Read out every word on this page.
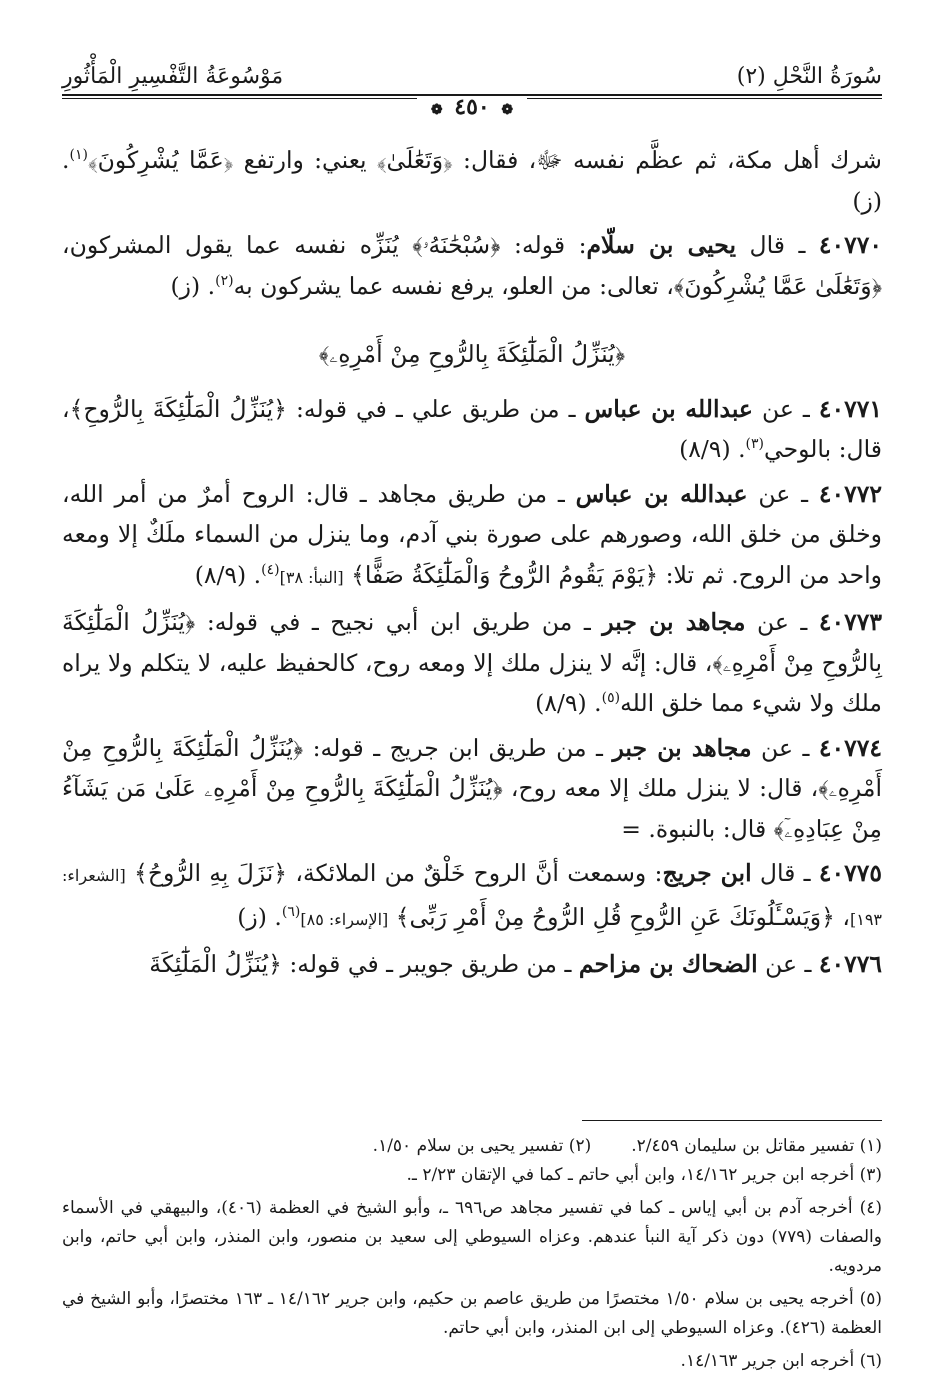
سُورَةُ النَّحْلِ (٢)
مَوْسُوعَةُ التَّفْسِيرِ الْمَأْثُورِ
❁ ٤٥٠ ❁

شرك أهل مكة، ثم عظَّم نفسه ﷻ، فقال: ﴿وَتَعَٰلَىٰ﴾ يعني: وارتفع ﴿عَمَّا يُشْرِكُونَ﴾$^{(١)}$. (ز)

٤٠٧٧٠ ـ قال يحيى بن سلّام: قوله: ﴿سُبْحَٰنَهُۥ﴾ يُنَزِّه نفسه عما يقول المشركون، ﴿وَتَعَٰلَىٰ عَمَّا يُشْرِكُونَ﴾، تعالى: من العلو، يرفع نفسه عما يشركون به$^{(٢)}$. (ز)

﴿يُنَزِّلُ الْمَلَٰٓئِكَةَ بِالرُّوحِ مِنْ أَمْرِهِۦ﴾

٤٠٧٧١ ـ عن عبدالله بن عباس ـ من طريق علي ـ في قوله: ﴿يُنَزِّلُ الْمَلَٰٓئِكَةَ بِالرُّوحِ﴾، قال: بالوحي$^{(٣)}$. (٨/٩)

٤٠٧٧٢ ـ عن عبدالله بن عباس ـ من طريق مجاهد ـ قال: الروح أمرٌ من أمر الله، وخلق من خلق الله، وصورهم على صورة بني آدم، وما ينزل من السماء ملَكٌ إلا ومعه واحد من الروح. ثم تلا: ﴿يَوْمَ يَقُومُ الرُّوحُ وَالْمَلَٰٓئِكَةُ صَفًّا﴾ [النبأ: ٣٨]$^{(٤)}$. (٨/٩)

٤٠٧٧٣ ـ عن مجاهد بن جبر ـ من طريق ابن أبي نجيح ـ في قوله: ﴿يُنَزِّلُ الْمَلَٰٓئِكَةَ بِالرُّوحِ مِنْ أَمْرِهِۦ﴾، قال: إنَّه لا ينزل ملك إلا ومعه روح، كالحفيظ عليه، لا يتكلم ولا يراه ملك ولا شيء مما خلق الله$^{(٥)}$. (٨/٩)

٤٠٧٧٤ ـ عن مجاهد بن جبر ـ من طريق ابن جريج ـ قوله: ﴿يُنَزِّلُ الْمَلَٰٓئِكَةَ بِالرُّوحِ مِنْ أَمْرِهِۦ﴾، قال: لا ينزل ملك إلا معه روح، ﴿يُنَزِّلُ الْمَلَٰٓئِكَةَ بِالرُّوحِ مِنْ أَمْرِهِۦ عَلَىٰ مَن يَشَآءُ مِنْ عِبَادِهِۦٓ﴾ قال: بالنبوة. =

٤٠٧٧٥ ـ قال ابن جريج: وسمعت أنَّ الروح خَلْقٌ من الملائكة، ﴿نَزَلَ بِهِ الرُّوحُ﴾ [الشعراء: ١٩٣]، ﴿وَيَسْـَٔلُونَكَ عَنِ الرُّوحِ قُلِ الرُّوحُ مِنْ أَمْرِ رَبِّى﴾ [الإسراء: ٨٥]$^{(٦)}$. (ز)

٤٠٧٧٦ ـ عن الضحاك بن مزاحم ـ من طريق جويبر ـ في قوله: ﴿يُنَزِّلُ الْمَلَٰٓئِكَةَ

(١) تفسير مقاتل بن سليمان ٢/٤٥٩.
(٢) تفسير يحيى بن سلام ١/٥٠.

(٣) أخرجه ابن جرير ١٤/١٦٢، وابن أبي حاتم ـ كما في الإتقان ٢/٢٣ ـ.

(٤) أخرجه آدم بن أبي إياس ـ كما في تفسير مجاهد ص٦٩٦ ـ، وأبو الشيخ في العظمة (٤٠٦)، والبيهقي في الأسماء والصفات (٧٧٩) دون ذكر آية النبأ عندهم. وعزاه السيوطي إلى سعيد بن منصور، وابن المنذر، وابن أبي حاتم، وابن مردويه.

(٥) أخرجه يحيى بن سلام ١/٥٠ مختصرًا من طريق عاصم بن حكيم، وابن جرير ١٤/١٦٢ ـ ١٦٣ مختصرًا، وأبو الشيخ في العظمة (٤٢٦). وعزاه السيوطي إلى ابن المنذر، وابن أبي حاتم.

(٦) أخرجه ابن جرير ١٤/١٦٣.
